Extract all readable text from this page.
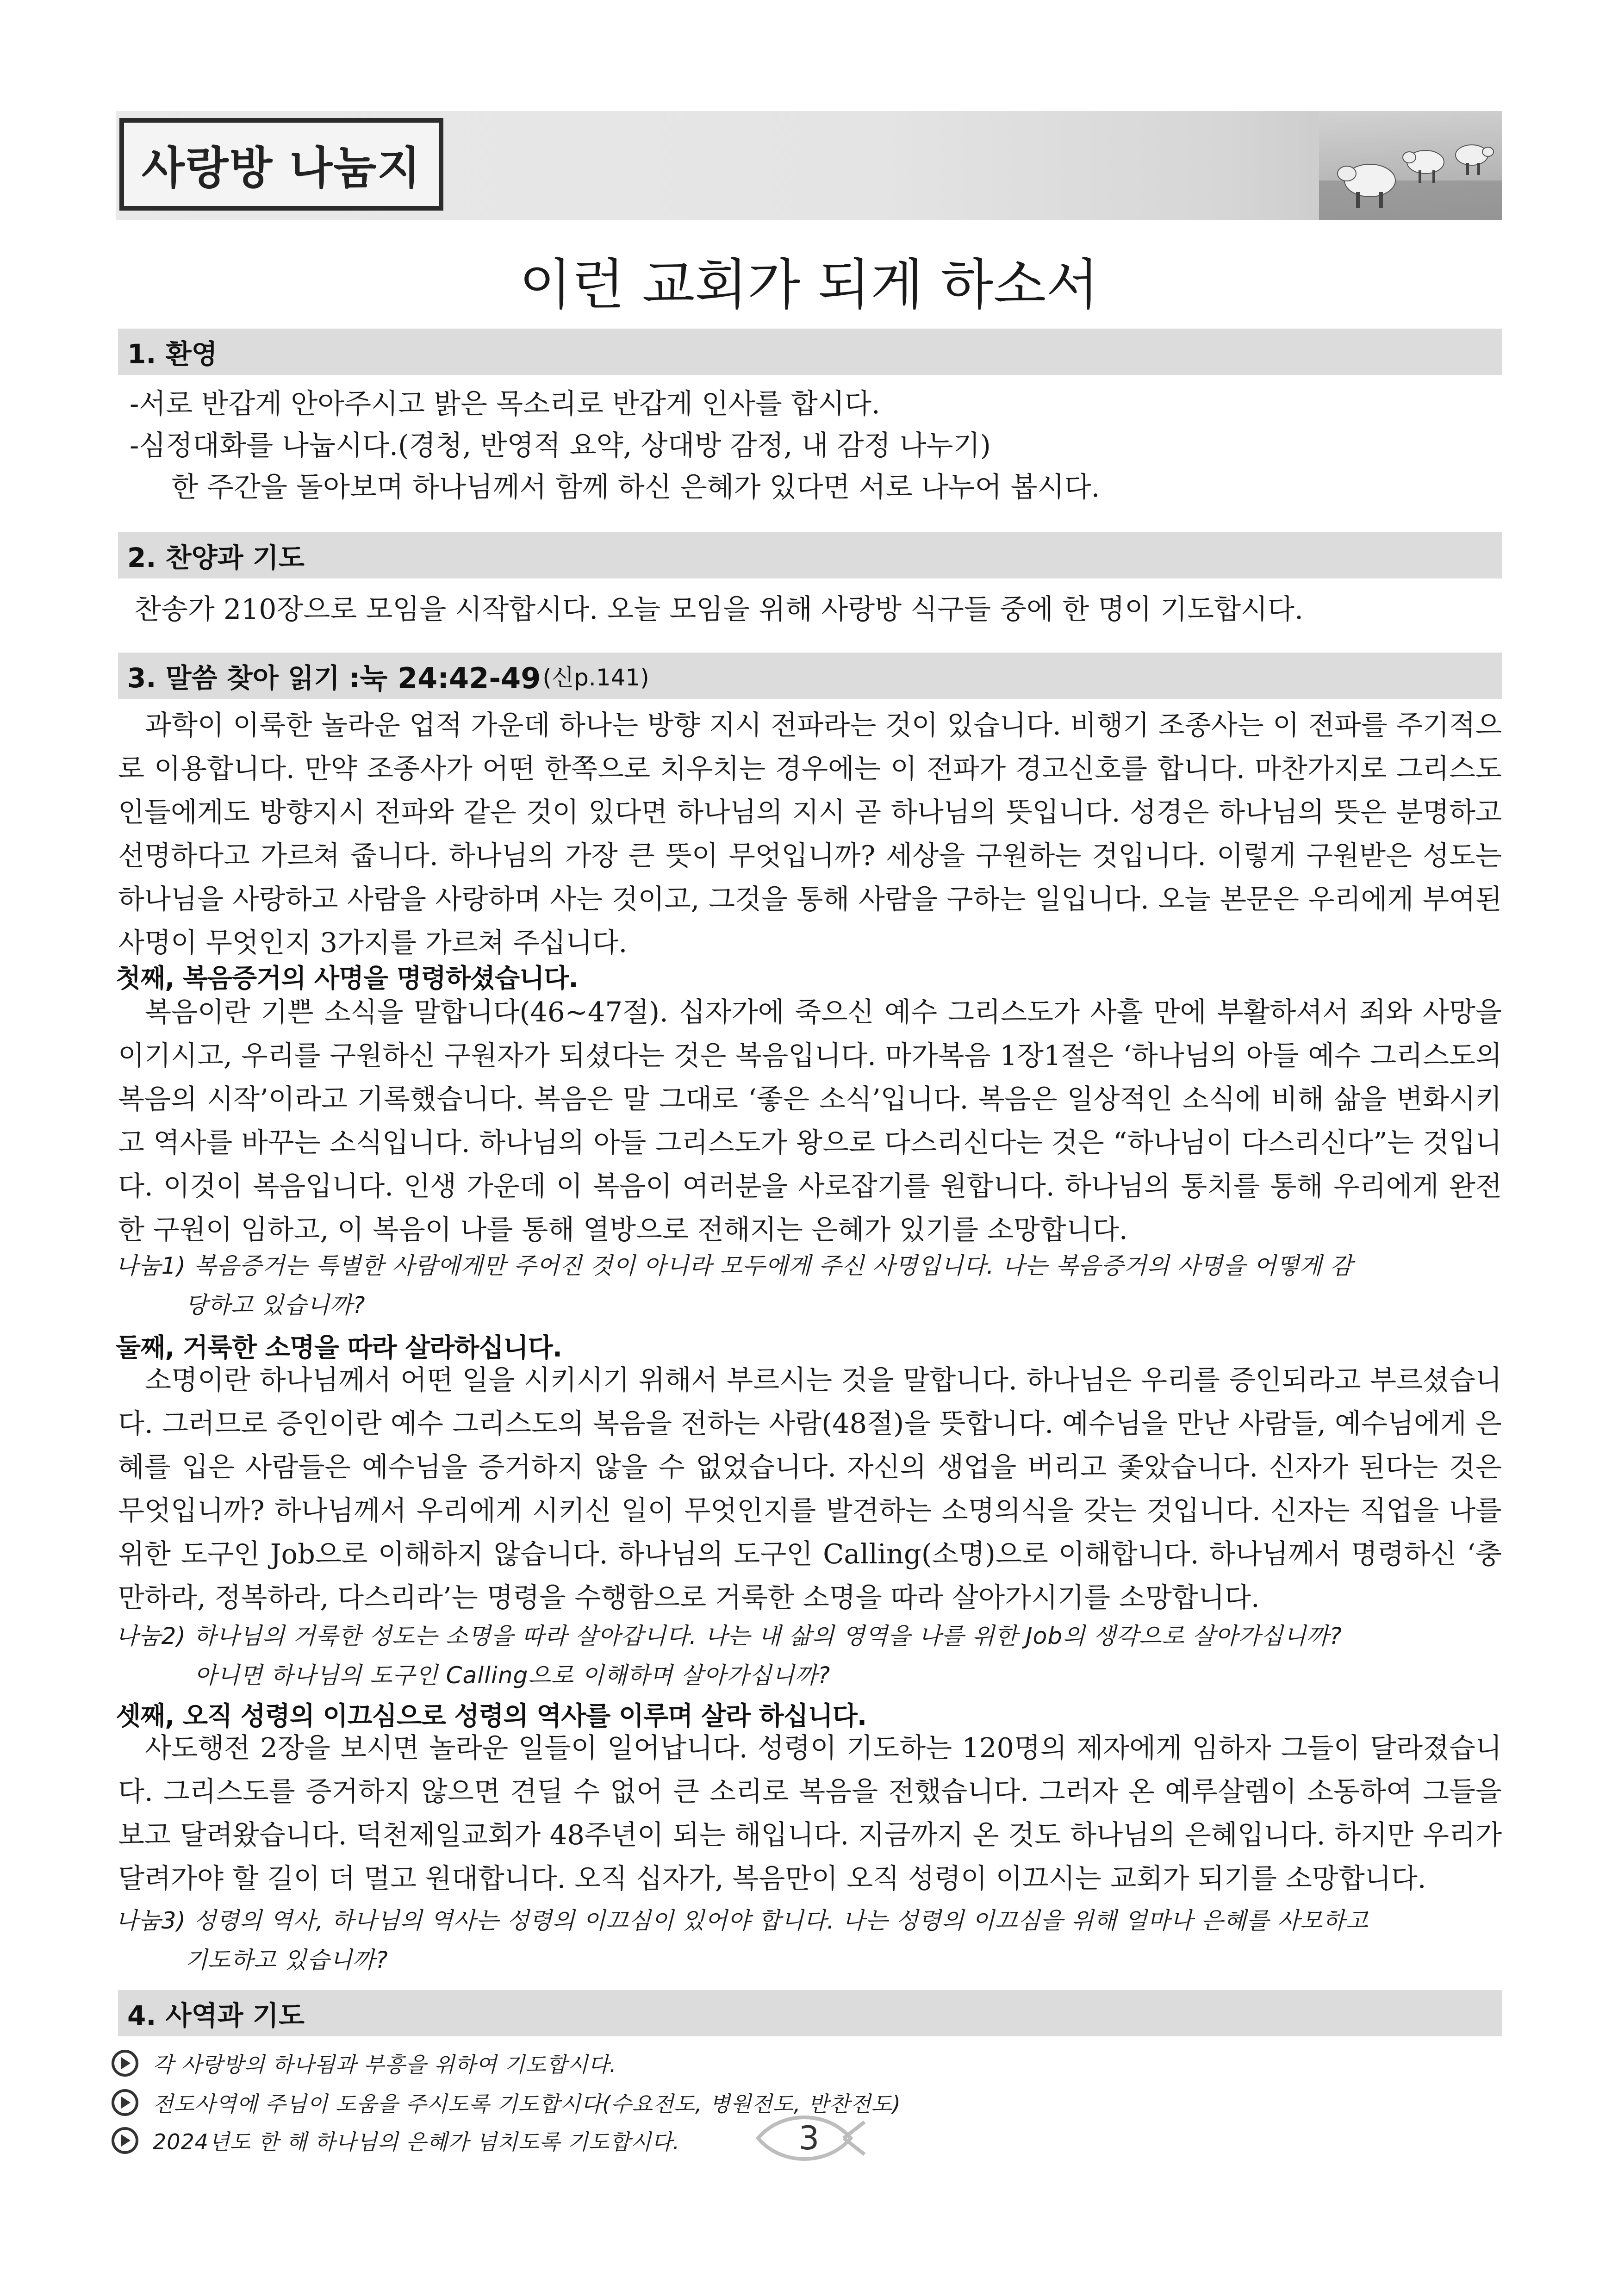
사랑방 나눔지
이런 교회가 되게 하소서
1. 환영
-서로 반갑게 안아주시고 밝은 목소리로 반갑게 인사를 합시다.
-심정대화를 나눕시다.(경청, 반영적 요약, 상대방 감정, 내 감정 나누기)
한 주간을 돌아보며 하나님께서 함께 하신 은혜가 있다면 서로 나누어 봅시다.
2. 찬양과 기도
찬송가 210장으로 모임을 시작합시다. 오늘 모임을 위해 사랑방 식구들 중에 한 명이 기도합시다.
3. 말씀 찾아 읽기 : 눅 24:42-49 (신p.141)
과학이 이룩한 놀라운 업적 가운데 하나는 방향 지시 전파라는 것이 있습니다. 비행기 조종사는 이 전파를 주기적으로 이용합니다. 만약 조종사가 어떤 한쪽으로 치우치는 경우에는 이 전파가 경고신호를 합니다. 마찬가지로 그리스도인들에게도 방향지시 전파와 같은 것이 있다면 하나님의 지시 곧 하나님의 뜻입니다. 성경은 하나님의 뜻은 분명하고 선명하다고 가르쳐 줍니다. 하나님의 가장 큰 뜻이 무엇입니까? 세상을 구원하는 것입니다. 이렇게 구원받은 성도는 하나님을 사랑하고 사람을 사랑하며 사는 것이고, 그것을 통해 사람을 구하는 일입니다. 오늘 본문은 우리에게 부여된 사명이 무엇인지 3가지를 가르쳐 주십니다.
첫째, 복음증거의 사명을 명령하셨습니다.
복음이란 기쁜 소식을 말합니다(46~47절). 십자가에 죽으신 예수 그리스도가 사흘 만에 부활하셔서 죄와 사망을 이기시고, 우리를 구원하신 구원자가 되셨다는 것은 복음입니다. 마가복음 1장1절은 ‘하나님의 아들 예수 그리스도의 복음의 시작’이라고 기록했습니다. 복음은 말 그대로 ‘좋은 소식’입니다. 복음은 일상적인 소식에 비해 삶을 변화시키고 역사를 바꾸는 소식입니다. 하나님의 아들 그리스도가 왕으로 다스리신다는 것은 “하나님이 다스리신다”는 것입니다. 이것이 복음입니다. 인생 가운데 이 복음이 여러분을 사로잡기를 원합니다. 하나님의 통치를 통해 우리에게 완전한 구원이 임하고, 이 복음이 나를 통해 열방으로 전해지는 은혜가 있기를 소망합니다.
나눔1) 복음증거는 특별한 사람에게만 주어진 것이 아니라 모두에게 주신 사명입니다. 나는 복음증거의 사명을 어떻게 감
당하고 있습니까?
둘째, 거룩한 소명을 따라 살라하십니다.
소명이란 하나님께서 어떤 일을 시키시기 위해서 부르시는 것을 말합니다. 하나님은 우리를 증인되라고 부르셨습니다. 그러므로 증인이란 예수 그리스도의 복음을 전하는 사람(48절)을 뜻합니다. 예수님을 만난 사람들, 예수님에게 은혜를 입은 사람들은 예수님을 증거하지 않을 수 없었습니다. 자신의 생업을 버리고 좇았습니다. 신자가 된다는 것은 무엇입니까? 하나님께서 우리에게 시키신 일이 무엇인지를 발견하는 소명의식을 갖는 것입니다. 신자는 직업을 나를 위한 도구인 Job으로 이해하지 않습니다. 하나님의 도구인 Calling(소명)으로 이해합니다. 하나님께서 명령하신 ‘충만하라, 정복하라, 다스리라’는 명령을 수행함으로 거룩한 소명을 따라 살아가시기를 소망합니다.
나눔2) 하나님의 거룩한 성도는 소명을 따라 살아갑니다. 나는 내 삶의 영역을 나를 위한 Job의 생각으로 살아가십니까?
아니면 하나님의 도구인 Calling으로 이해하며 살아가십니까?
셋째, 오직 성령의 이끄심으로 성령의 역사를 이루며 살라 하십니다.
사도행전 2장을 보시면 놀라운 일들이 일어납니다. 성령이 기도하는 120명의 제자에게 임하자 그들이 달라졌습니다. 그리스도를 증거하지 않으면 견딜 수 없어 큰 소리로 복음을 전했습니다. 그러자 온 예루살렘이 소동하여 그들을 보고 달려왔습니다. 덕천제일교회가 48주년이 되는 해입니다. 지금까지 온 것도 하나님의 은혜입니다. 하지만 우리가 달려가야 할 길이 더 멀고 원대합니다. 오직 십자가, 복음만이 오직 성령이 이끄시는 교회가 되기를 소망합니다.
나눔3) 성령의 역사, 하나님의 역사는 성령의 이끄심이 있어야 합니다. 나는 성령의 이끄심을 위해 얼마나 은혜를 사모하고
기도하고 있습니까?
4. 사역과 기도
각 사랑방의 하나됨과 부흥을 위하여 기도합시다.
전도사역에 주님이 도움을 주시도록 기도합시다(수요전도, 병원전도, 반찬전도)
2024년도 한 해 하나님의 은혜가 넘치도록 기도합시다.	3
